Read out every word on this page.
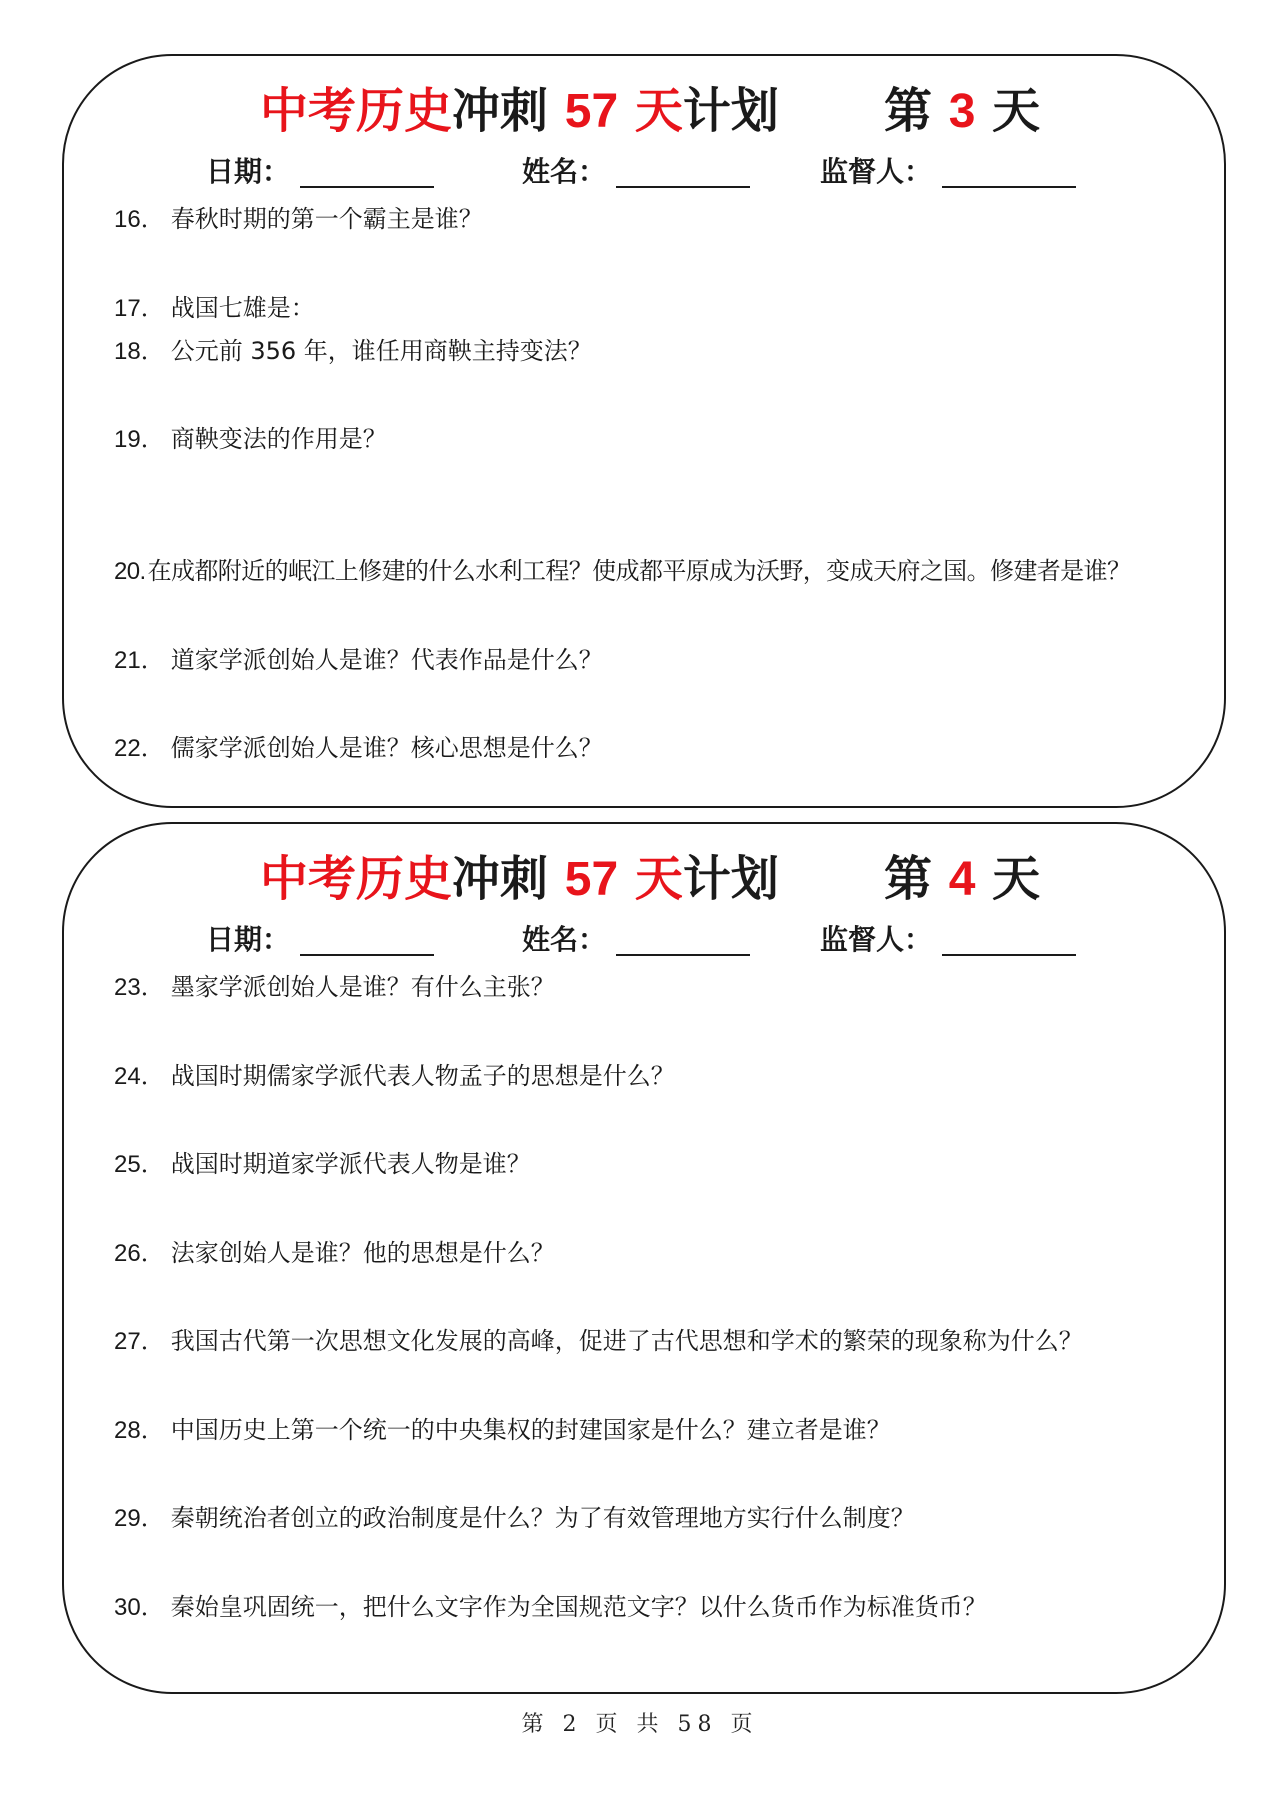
中考历史冲刺 57 天计划 第 3 天
日期：	姓名：	监督人：
16． 春秋时期的第一个霸主是谁？
17． 战国七雄是：
18． 公元前 356 年，谁任用商鞅主持变法？
19． 商鞅变法的作用是？
20.在成都附近的岷江上修建的什么水利工程？使成都平原成为沃野，变成天府之国。修建者是谁？
21． 道家学派创始人是谁？代表作品是什么？
22． 儒家学派创始人是谁？核心思想是什么？
中考历史冲刺 57 天计划 第 4 天
日期：	姓名：	监督人：
23． 墨家学派创始人是谁？有什么主张？
24． 战国时期儒家学派代表人物孟子的思想是什么？
25． 战国时期道家学派代表人物是谁？
26． 法家创始人是谁？他的思想是什么？
27． 我国古代第一次思想文化发展的高峰，促进了古代思想和学术的繁荣的现象称为什么？
28． 中国历史上第一个统一的中央集权的封建国家是什么？建立者是谁？
29． 秦朝统治者创立的政治制度是什么？为了有效管理地方实行什么制度？
30． 秦始皇巩固统一，把什么文字作为全国规范文字？以什么货币作为标准货币？
第 2 页 共 58 页
